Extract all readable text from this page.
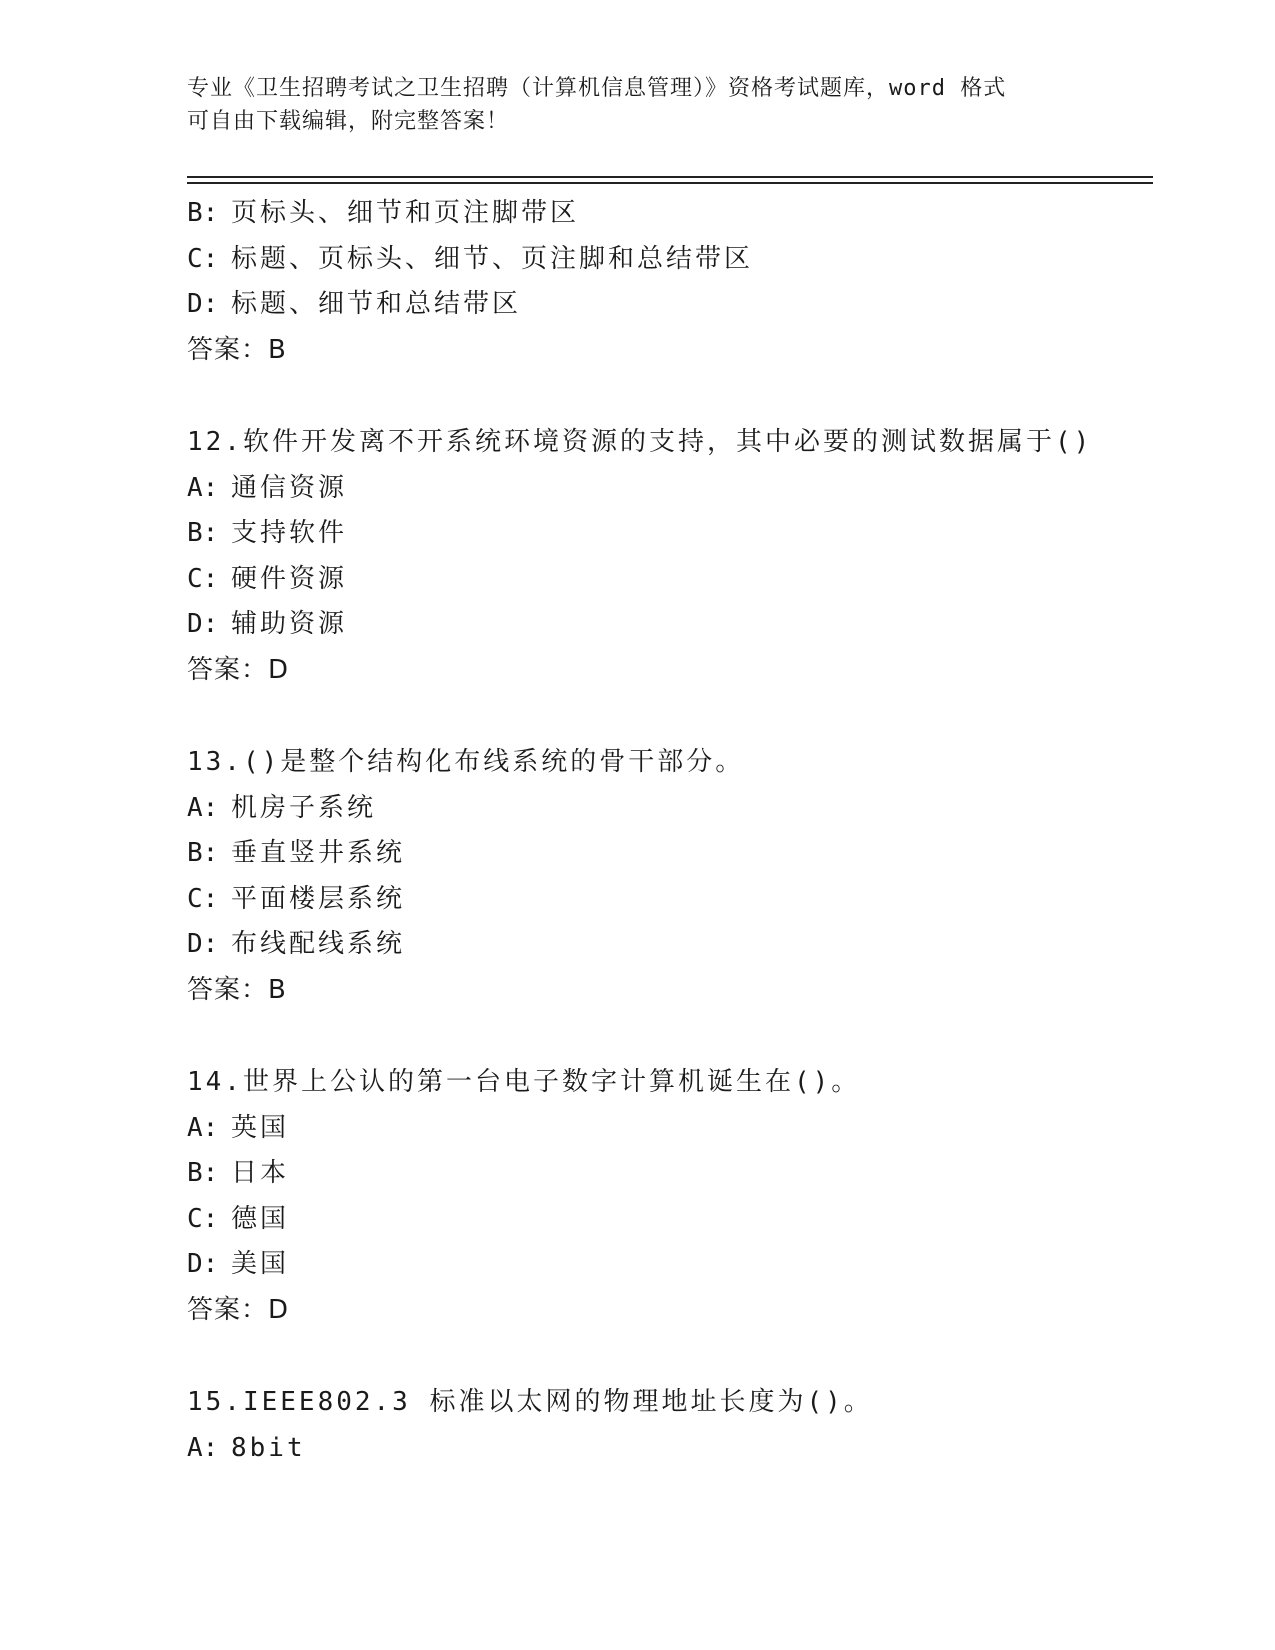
专业《卫生招聘考试之卫生招聘（计算机信息管理）》资格考试题库，word 格式
可自由下载编辑，附完整答案！
B: 页标头、细节和页注脚带区
C: 标题、页标头、细节、页注脚和总结带区
D: 标题、细节和总结带区
答案：B
12.软件开发离不开系统环境资源的支持，其中必要的测试数据属于()
A: 通信资源
B: 支持软件
C: 硬件资源
D: 辅助资源
答案：D
13.()是整个结构化布线系统的骨干部分。
A: 机房子系统
B: 垂直竖井系统
C: 平面楼层系统
D: 布线配线系统
答案：B
14.世界上公认的第一台电子数字计算机诞生在()。
A: 英国
B: 日本
C: 德国
D: 美国
答案：D
15.IEEE802.3 标准以太网的物理地址长度为()。
A: 8bit
